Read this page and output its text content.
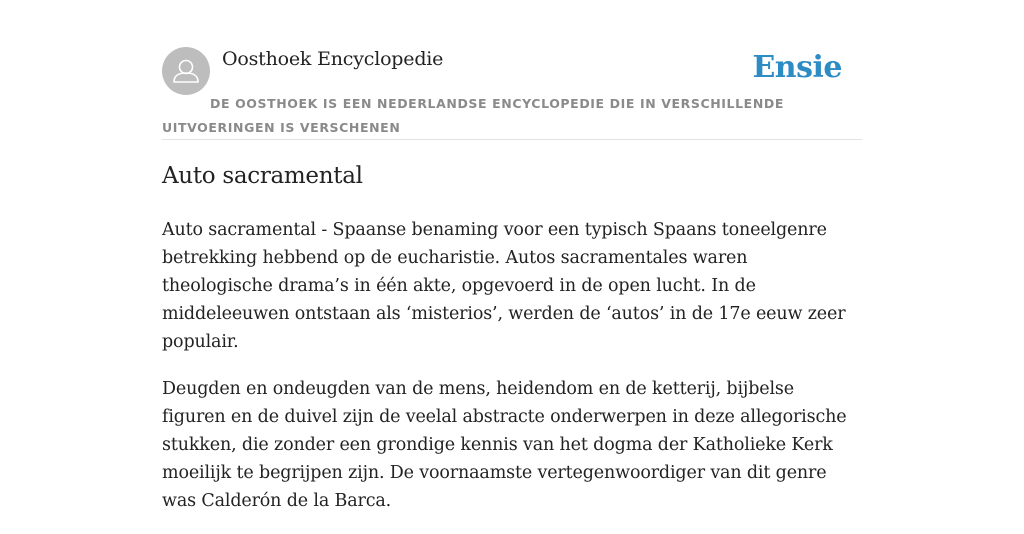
Oosthoek Encyclopedie	Ensie
DE OOSTHOEK IS EEN NEDERLANDSE ENCYCLOPEDIE DIE IN VERSCHILLENDE UITVOERINGEN IS VERSCHENEN
Auto sacramental

Auto sacramental - Spaanse benaming voor een typisch Spaans toneelgenre betrekking hebbend op de eucharistie. Autos sacramentales waren theologische drama’s in één akte, opgevoerd in de open lucht. In de middeleeuwen ontstaan als ‘misterios’, werden de ‘autos’ in de 17e eeuw zeer populair.

Deugden en ondeugden van de mens, heidendom en de ketterij, bijbelse figuren en de duivel zijn de veelal abstracte onderwerpen in deze allegorische stukken, die zonder een grondige kennis van het dogma der Katholieke Kerk moeilijk te begrijpen zijn. De voornaamste vertegenwoordiger van dit genre was Calderón de la Barca.
